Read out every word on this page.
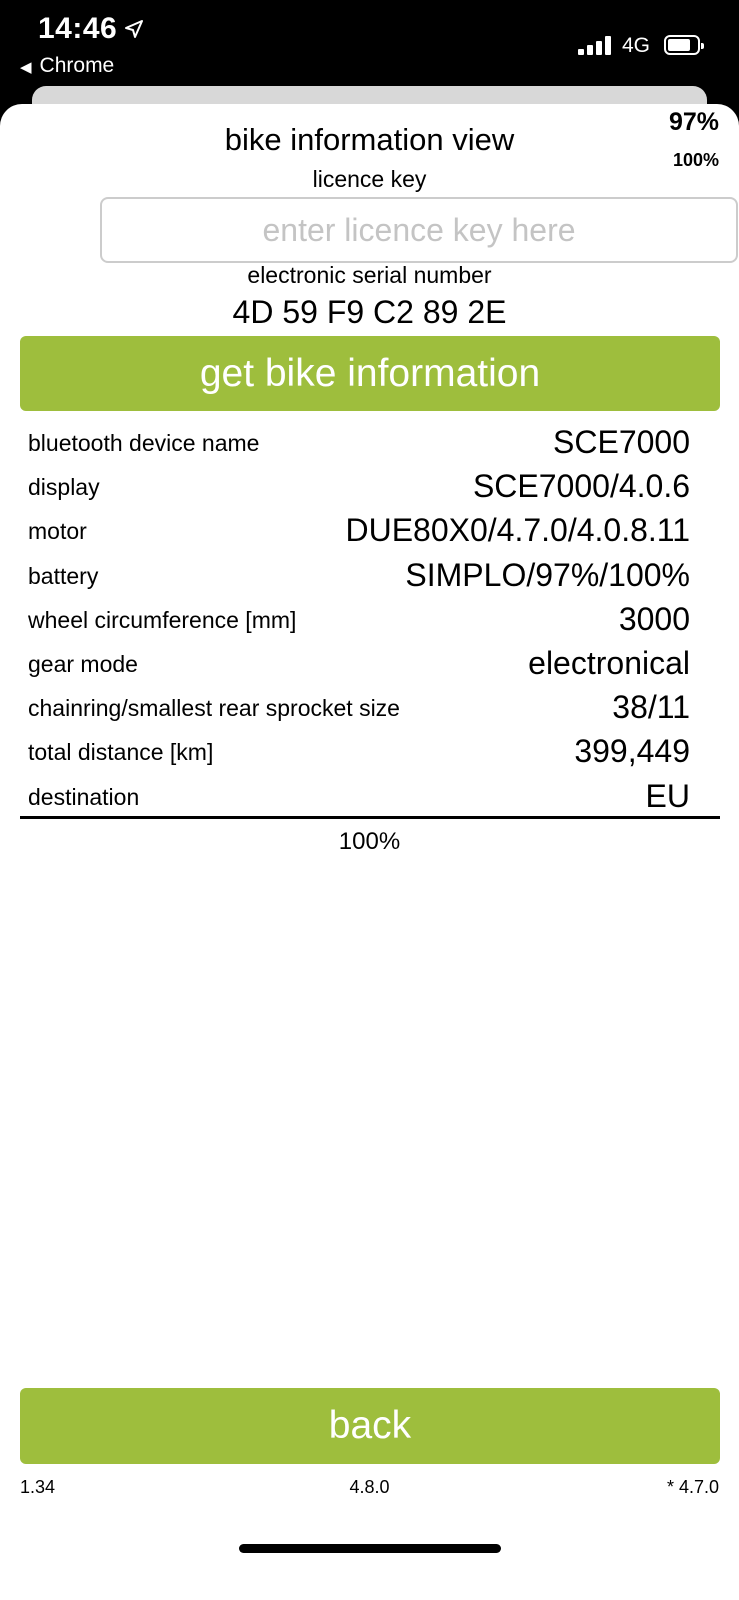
14:46
◀ Chrome
4G
bike information view	97%
100%
licence key
enter licence key here
electronic serial number
4D 59 F9 C2 89 2E
get bike information
bluetooth device name	SCE7000
display	SCE7000/4.0.6
motor	DUE80X0/4.7.0/4.0.8.11
battery	SIMPLO/97%/100%
wheel circumference [mm]	3000
gear mode	electronical
chainring/smallest rear sprocket size	38/11
total distance [km]	399,449
destination	EU
100%
back
1.34	4.8.0	* 4.7.0
